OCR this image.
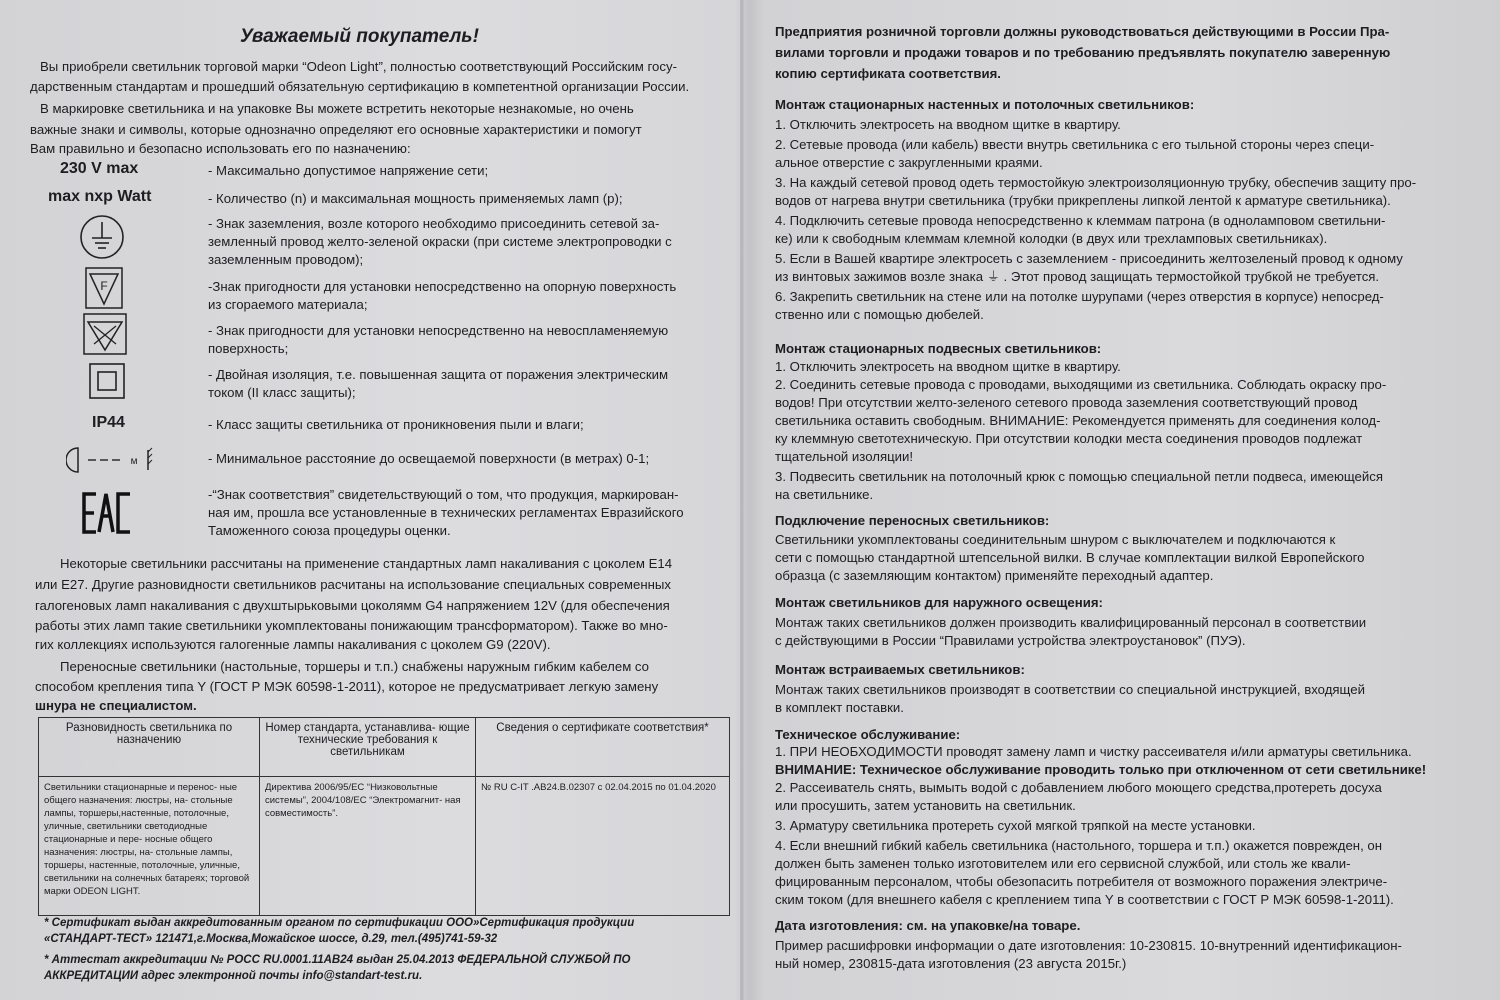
Уважаемый покупатель!
Вы приобрели светильник торговой марки “Odeon Light”, полностью соответствующий Российским госу-
дарственным стандартам и прошедший обязательную сертификацию в компетентной организации России.
В маркировке светильника и на упаковке Вы можете встретить некоторые незнакомые, но очень
важные знаки и символы, которые однозначно определяют его основные характеристики и помогут
Вам правильно и безопасно использовать его по назначению:
230 V max	- Максимально допустимое напряжение сети;
max nxp Watt	- Количество (n) и максимальная мощность применяемых ламп (p);
- Знак заземления, возле которого необходимо присоединить сетевой за-
земленный провод желто-зеленой окраски (при системе электропроводки с
заземленным проводом);
F	-Знак пригодности для установки непосредственно на опорную поверхность
из сгораемого материала;
- Знак пригодности для установки непосредственно на невоспламеняемую
поверхность;
- Двойная изоляция, т.е. повышенная защита от поражения электрическим
током (II класс защиты);
IP44	- Класс защиты светильника от проникновения пыли и влаги;
м	- Минимальное расстояние до освещаемой поверхности (в метрах) 0-1;
-“Знак соответствия” свидетельствующий о том, что продукция, маркирован-
ная им, прошла все установленные в технических регламентах Евразийского
Таможенного союза процедуры оценки.
Некоторые светильники рассчитаны на применение стандартных ламп накаливания с цоколем E14
или E27. Другие разновидности светильников расчитаны на использование специальных современных
галогеновых ламп накаливания с двухштырьковыми цоколямм G4 напряжением 12V (для обеспечения
работы этих ламп такие светильники укомплектованы понижающим трансформатором). Также во мно-
гих коллекциях используются галогенные лампы накаливания с цоколем G9 (220V).
Переносные светильники (настольные, торшеры и т.п.) снабжены наружным гибким кабелем со
способом крепления типа Y (ГОСТ Р МЭК 60598-1-2011), которое не предусматривает легкую замену
шнура не специалистом.
Разновидность светильника по назначению	Номер стандарта, устанавлива- ющие технические требования к светильникам	Сведения о сертификате соответствия*
Светильники стационарные и перенос- ные общего назначения: люстры, на- стольные лампы, торшеры,настенные, потолочные, уличные, светильники светодиодные стационарные и пере- носные общего назначения: люстры, на- стольные лампы, торшеры, настенные, потолочные, уличные, светильники на солнечных батареях; торговой марки ODEON LIGHT.	Директива 2006/95/ЕС “Низковольтные системы”, 2004/108/ЕС “Электромагнит- ная совместимость”.	№ RU C-IT .AB24.B.02307 с 02.04.2015 по 01.04.2020
* Сертификат выдан аккредитованным органом по сертификации ООО»Сертификация продукции
«СТАНДАРТ-ТЕСТ» 121471,г.Москва,Можайское шоссе, д.29, тел.(495)741-59-32
* Аттестат аккредитации № РОСС RU.0001.11AB24 выдан 25.04.2013 ФЕДЕРАЛЬНОЙ СЛУЖБОЙ ПО
АККРЕДИТАЦИИ адрес электронной почты info@standart-test.ru.
Предприятия розничной торговли должны руководствоваться действующими в России Пра-
вилами торговли и продажи товаров и по требованию предъявлять покупателю заверенную
копию сертификата соответствия.
Монтаж стационарных настенных и потолочных светильников:
1. Отключить электросеть на вводном щитке в квартиру.
2. Сетевые провода (или кабель) ввести внутрь светильника с его тыльной стороны через специ-
альное отверстие с закругленными краями.
3. На каждый сетевой провод одеть термостойкую электроизоляционную трубку, обеспечив защиту про-
водов от нагрева внутри светильника (трубки прикреплены липкой лентой к арматуре светильника).
4. Подключить сетевые провода непосредственно к клеммам патрона (в одноламповом светильни-
ке) или к свободным клеммам клемной колодки (в двух или трехламповых светильниках).
5. Если в Вашей квартире электросеть с заземлением - присоединить желтозеленый провод к одному
из винтовых зажимов возле знака ⏚ . Этот провод защищать термостойкой трубкой не требуется.
6. Закрепить светильник на стене или на потолке шурупами (через отверстия в корпусе) непосред-
ственно или с помощью дюбелей.
Монтаж стационарных подвесных светильников:
1. Отключить электросеть на вводном щитке в квартиру.
2. Соединить сетевые провода с проводами, выходящими из светильника. Соблюдать окраску про-
водов! При отсутствии желто-зеленого сетевого провода заземления соответствующий провод
светильника оставить свободным. ВНИМАНИЕ: Рекомендуется применять для соединения колод-
ку клеммную светотехническую. При отсутствии колодки места соединения проводов подлежат
тщательной изоляции!
3. Подвесить светильник на потолочный крюк с помощью специальной петли подвеса, имеющейся
на светильнике.
Подключение переносных светильников:
Светильники укомплектованы соединительным шнуром с выключателем и подключаются к
сети с помощью стандартной штепсельной вилки. В случае комплектации вилкой Европейского
образца (с заземляющим контактом) применяйте переходный адаптер.
Монтаж светильников для наружного освещения:
Монтаж таких светильников должен производить квалифицированный персонал в соответствии
с действующими в России “Правилами устройства электроустановок” (ПУЭ).
Монтаж встраиваемых светильников:
Монтаж таких светильников производят в соответствии со специальной инструкцией, входящей
в комплект поставки.
Техническое обслуживание:
1. ПРИ НЕОБХОДИМОСТИ проводят замену ламп и чистку рассеивателя и/или арматуры светильника.
ВНИМАНИЕ: Техническое обслуживание проводить только при отключенном от сети светильнике!
2. Рассеиватель снять, вымыть водой с добавлением любого моющего средства,протереть досуха
или просушить, затем установить на светильник.
3. Арматуру светильника протереть сухой мягкой тряпкой на месте установки.
4. Если внешний гибкий кабель светильника (настольного, торшера и т.п.) окажется поврежден, он
должен быть заменен только изготовителем или его сервисной службой, или столь же квали-
фицированным персоналом, чтобы обезопасить потребителя от возможного поражения электриче-
ским током (для внешнего кабеля с креплением типа Y в соответствии с ГОСТ Р МЭК 60598-1-2011).
Дата изготовления: см. на упаковке/на товаре.
Пример расшифровки информации о дате изготовления: 10-230815. 10-внутренний идентификацион-
ный номер, 230815-дата изготовления (23 августа 2015г.)
